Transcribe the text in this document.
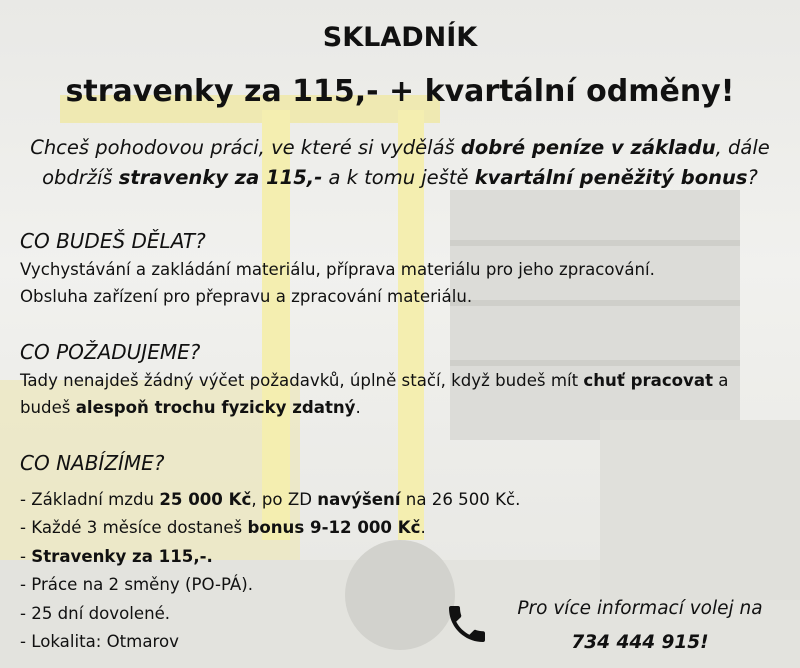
SKLADNÍK
stravenky za 115,- + kvartální odměny!
Chceš pohodovou práci, ve které si vyděláš dobré peníze v základu, dále
obdržíš stravenky za 115,- a k tomu ještě kvartální peněžitý bonus?
CO BUDEŠ DĚLAT?
Vychystávání a zakládání materiálu, příprava materiálu pro jeho zpracování.
Obsluha zařízení pro přepravu a zpracování materiálu.
CO POŽADUJEME?
Tady nenajdeš žádný výčet požadavků, úplně stačí, když budeš mít chuť pracovat a budeš alespoň trochu fyzicky zdatný.
CO NABÍZÍME?
- Základní mzdu 25 000 Kč, po ZD navýšení na 26 500 Kč.
- Každé 3 měsíce dostaneš bonus 9-12 000 Kč.
- Stravenky za 115,-.
- Práce na 2 směny (PO-PÁ).
- 25 dní dovolené.
- Lokalita: Otmarov
Pro více informací volej na
734 444 915!
